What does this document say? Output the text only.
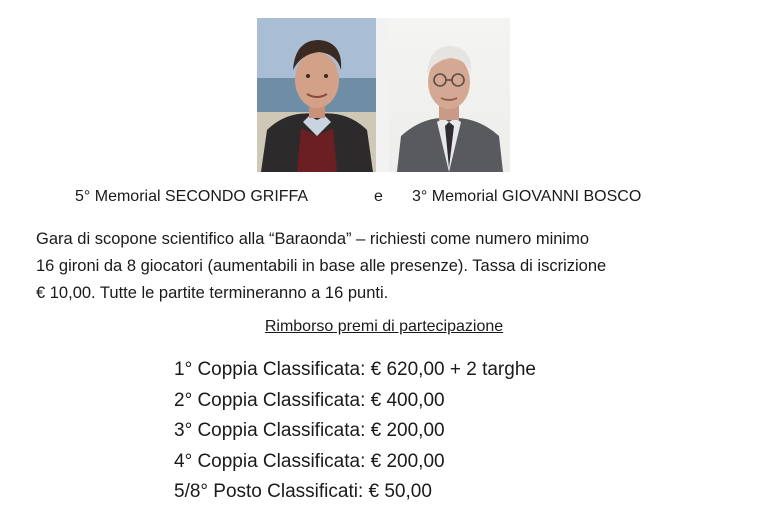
5° Memorial SECONDO GRIFFA	e 3° Memorial GIOVANNI BOSCO
Gara di scopone scientifico alla “Baraonda” – richiesti come numero minimo
16 gironi da 8 giocatori (aumentabili in base alle presenze). Tassa di iscrizione
€ 10,00. Tutte le partite termineranno a 16 punti.
Rimborso premi di partecipazione
1° Coppia Classificata: € 620,00 + 2 targhe
2° Coppia Classificata: € 400,00
3° Coppia Classificata: € 200,00
4° Coppia Classificata: € 200,00
5/8° Posto Classificati: € 50,00
